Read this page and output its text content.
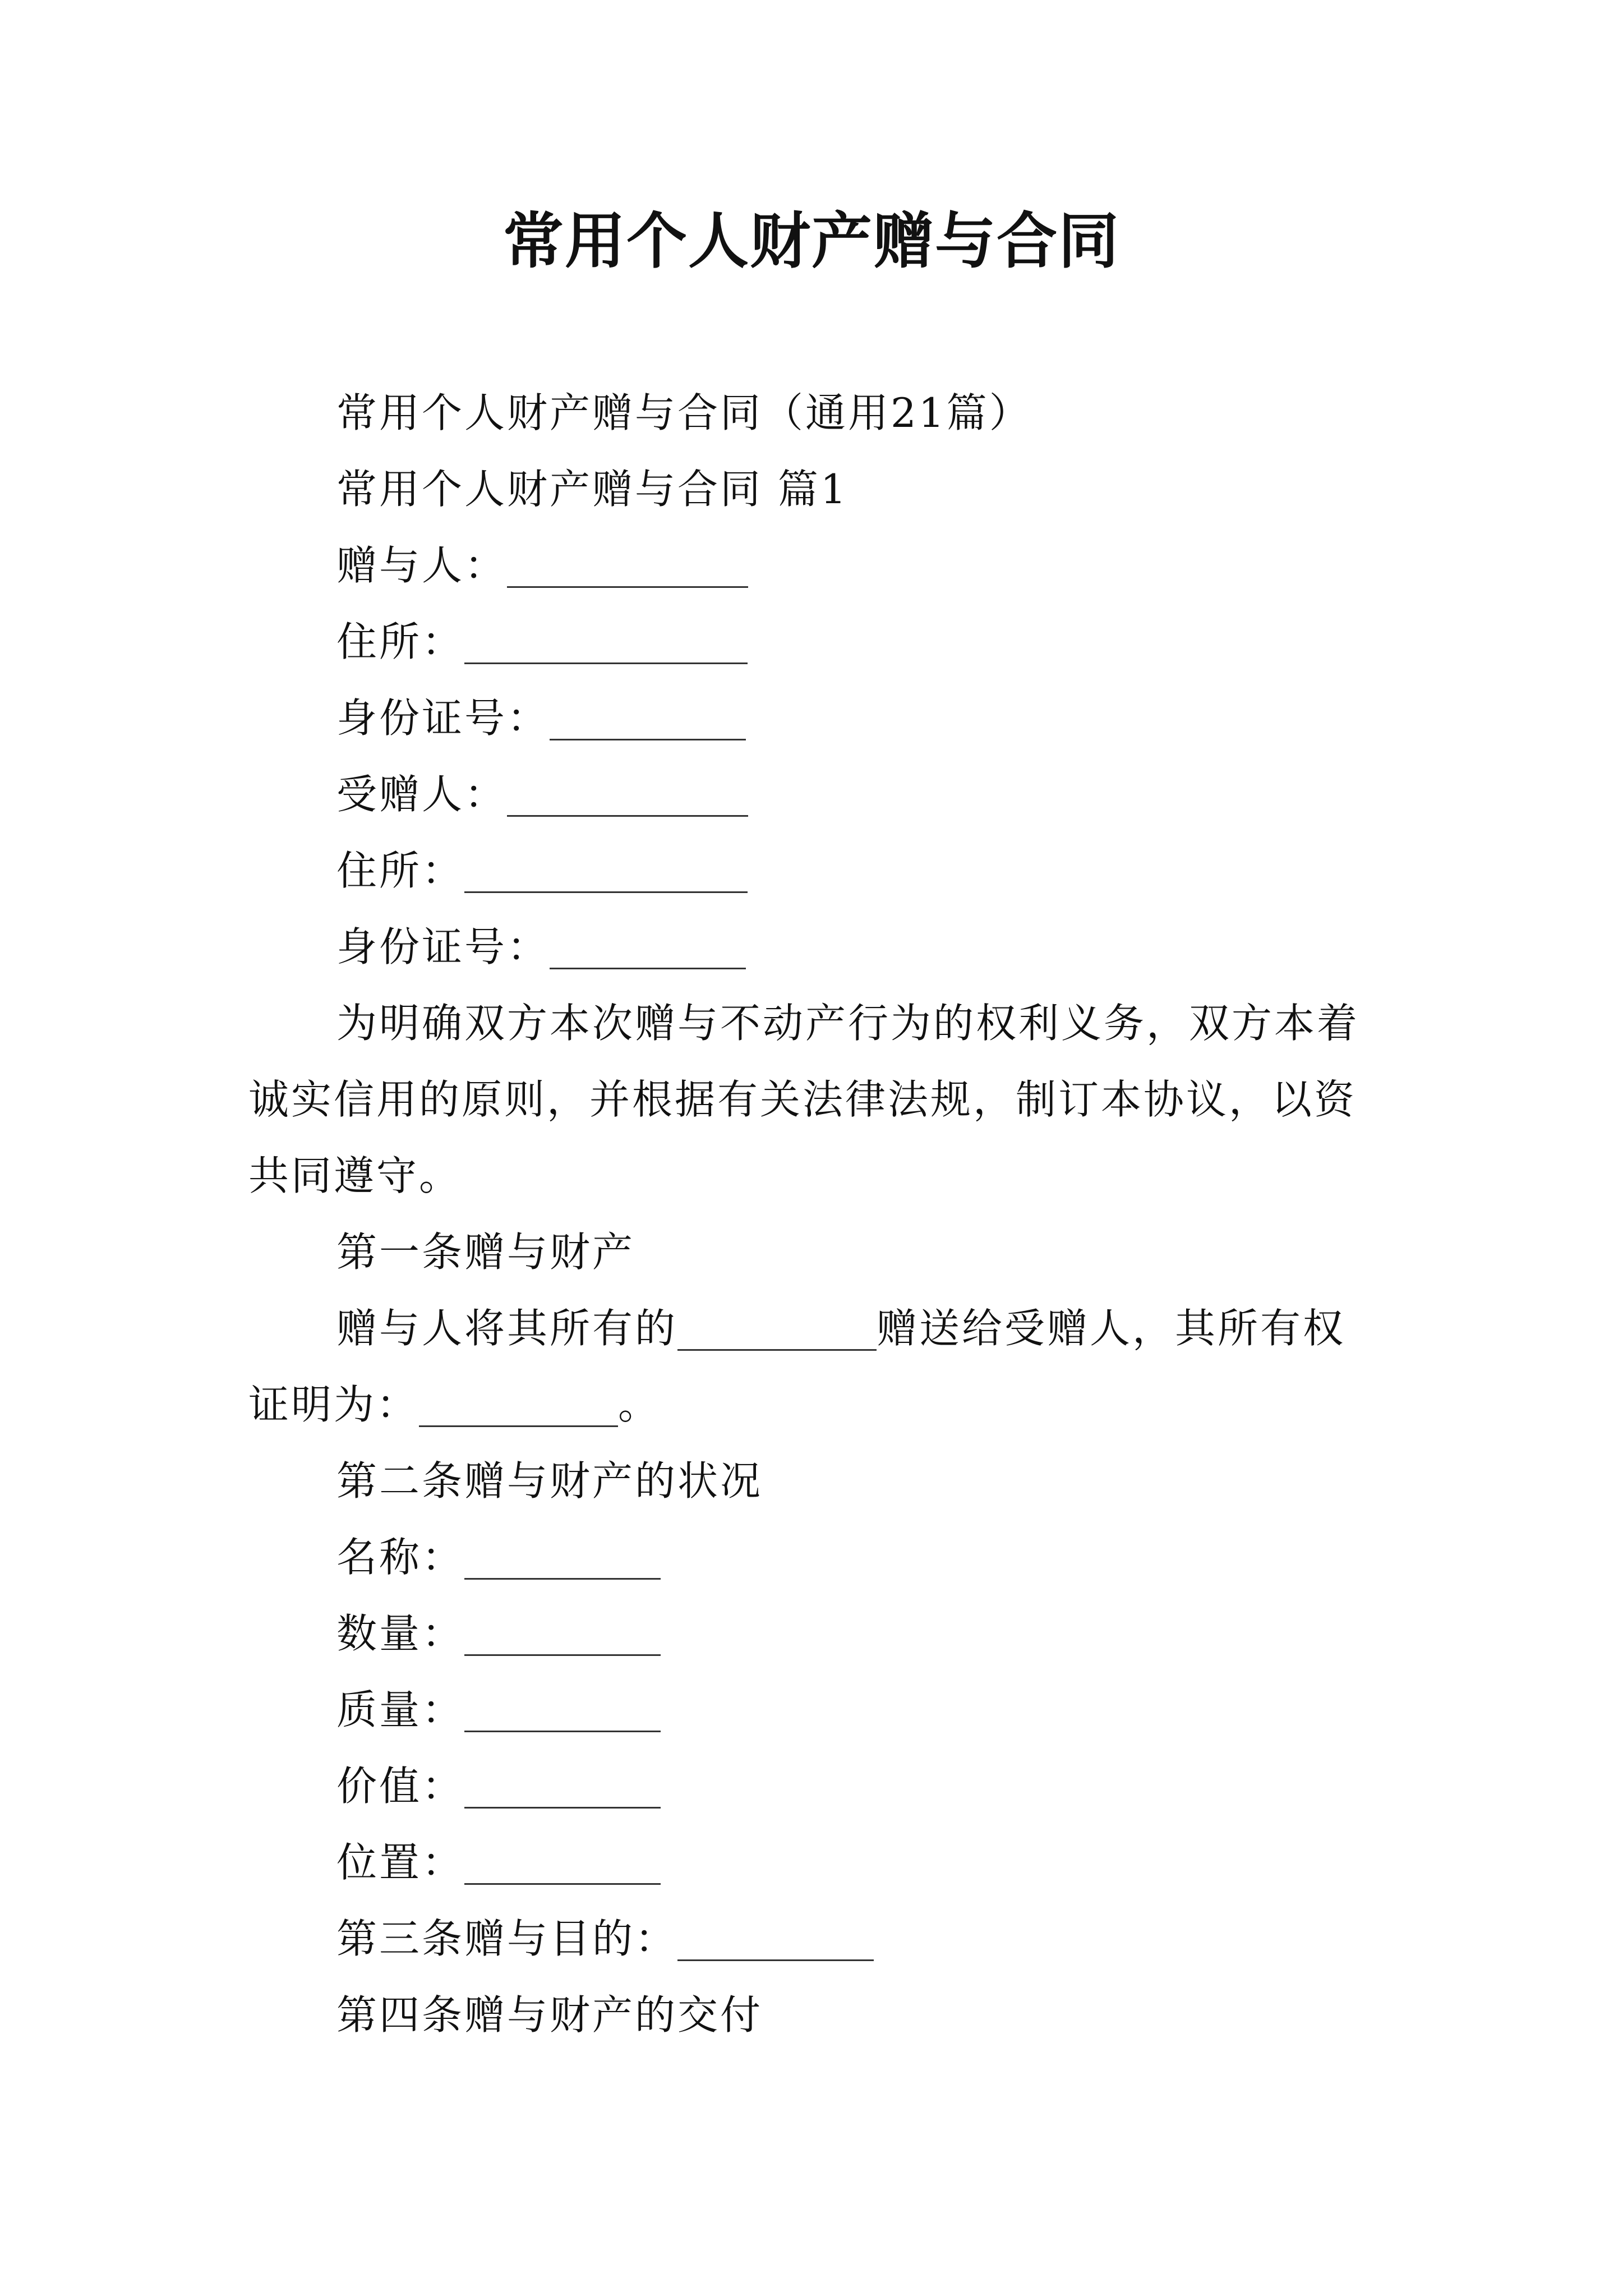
常用个人财产赠与合同
常用个人财产赠与合同（通用21篇）
常用个人财产赠与合同 篇1
赠与人：
住所：
身份证号：
受赠人：
住所：
身份证号：
为明确双方本次赠与不动产行为的权利义务，双方本着
诚实信用的原则，并根据有关法律法规，制订本协议，以资
共同遵守。
第一条赠与财产
赠与人将其所有的	赠送给受赠人，其所有权
证明为：	。
第二条赠与财产的状况
名称：
数量：
质量：
价值：
位置：
第三条赠与目的：
第四条赠与财产的交付
